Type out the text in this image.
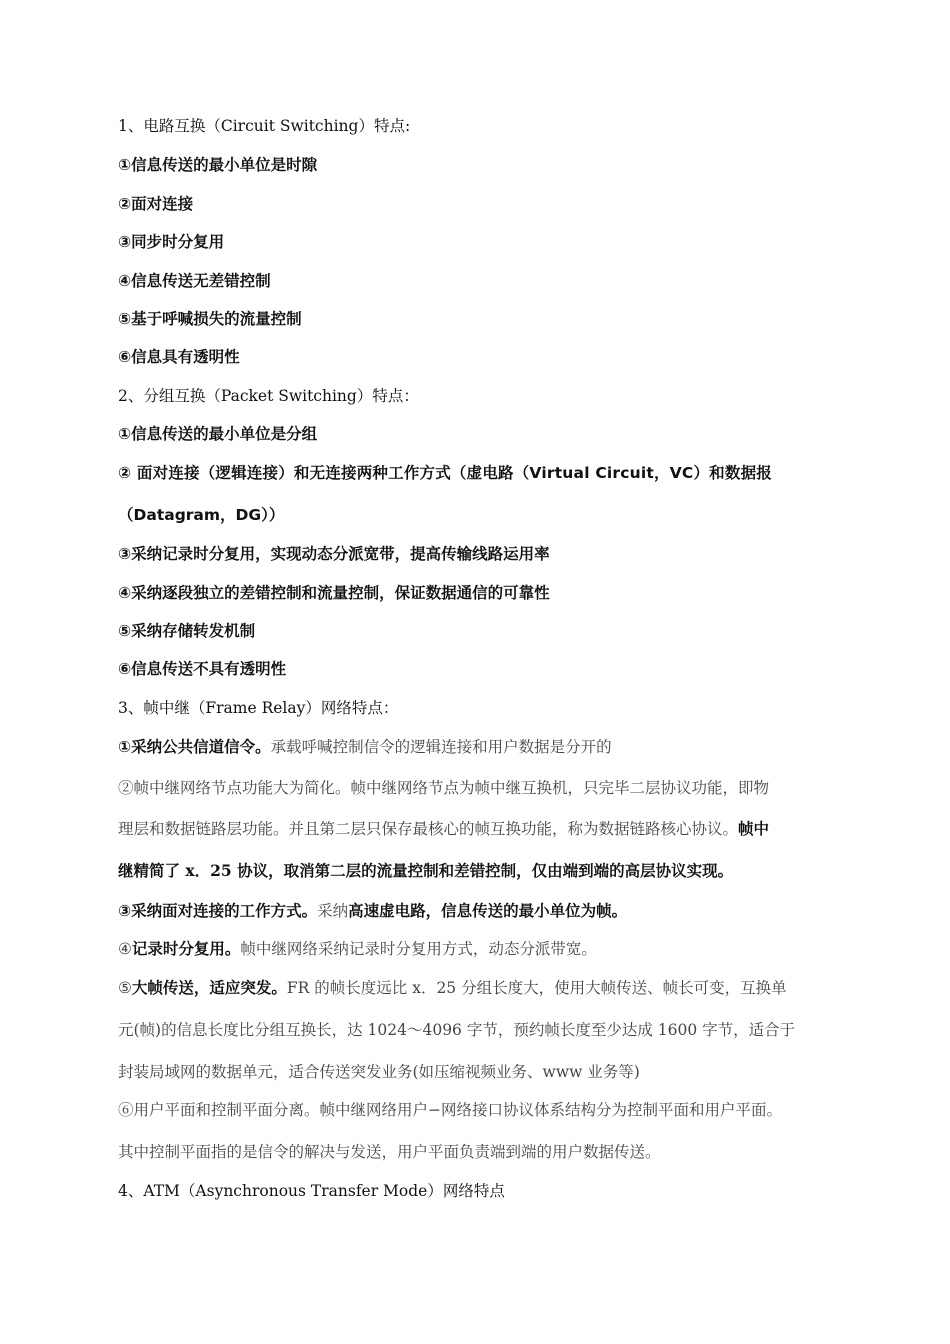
1、电路互换（Circuit Switching）特点:
①信息传送的最小单位是时隙
②面对连接
③同步时分复用
④信息传送无差错控制
⑤基于呼喊损失的流量控制
⑥信息具有透明性
2、分组互换（Packet Switching）特点：
①信息传送的最小单位是分组
② 面对连接（逻辑连接）和无连接两种工作方式（虚电路（Virtual Circuit，VC）和数据报
（Datagram，DG））
③采纳记录时分复用，实现动态分派宽带，提高传输线路运用率
④采纳逐段独立的差错控制和流量控制，保证数据通信的可靠性
⑤采纳存储转发机制
⑥信息传送不具有透明性
3、帧中继（Frame Relay）网络特点：
①采纳公共信道信令。承载呼喊控制信令的逻辑连接和用户数据是分开的
②帧中继网络节点功能大为简化。帧中继网络节点为帧中继互换机，只完毕二层协议功能，即物
理层和数据链路层功能。并且第二层只保存最核心的帧互换功能，称为数据链路核心协议。帧中
继精简了 x．25 协议，取消第二层的流量控制和差错控制，仅由端到端的高层协议实现。
③采纳面对连接的工作方式。采纳高速虚电路，信息传送的最小单位为帧。
④记录时分复用。帧中继网络采纳记录时分复用方式，动态分派带宽。
⑤大帧传送，适应突发。FR 的帧长度远比 x．25 分组长度大，使用大帧传送、帧长可变，互换单
元(帧)的信息长度比分组互换长，达 1024～4096 字节，预约帧长度至少达成 1600 字节，适合于
封装局域网的数据单元，适合传送突发业务(如压缩视频业务、www 业务等)
⑥用户平面和控制平面分离。帧中继网络用户−网络接口协议体系结构分为控制平面和用户平面。
其中控制平面指的是信令的解决与发送，用户平面负责端到端的用户数据传送。
4、ATM（Asynchronous Transfer Mode）网络特点
